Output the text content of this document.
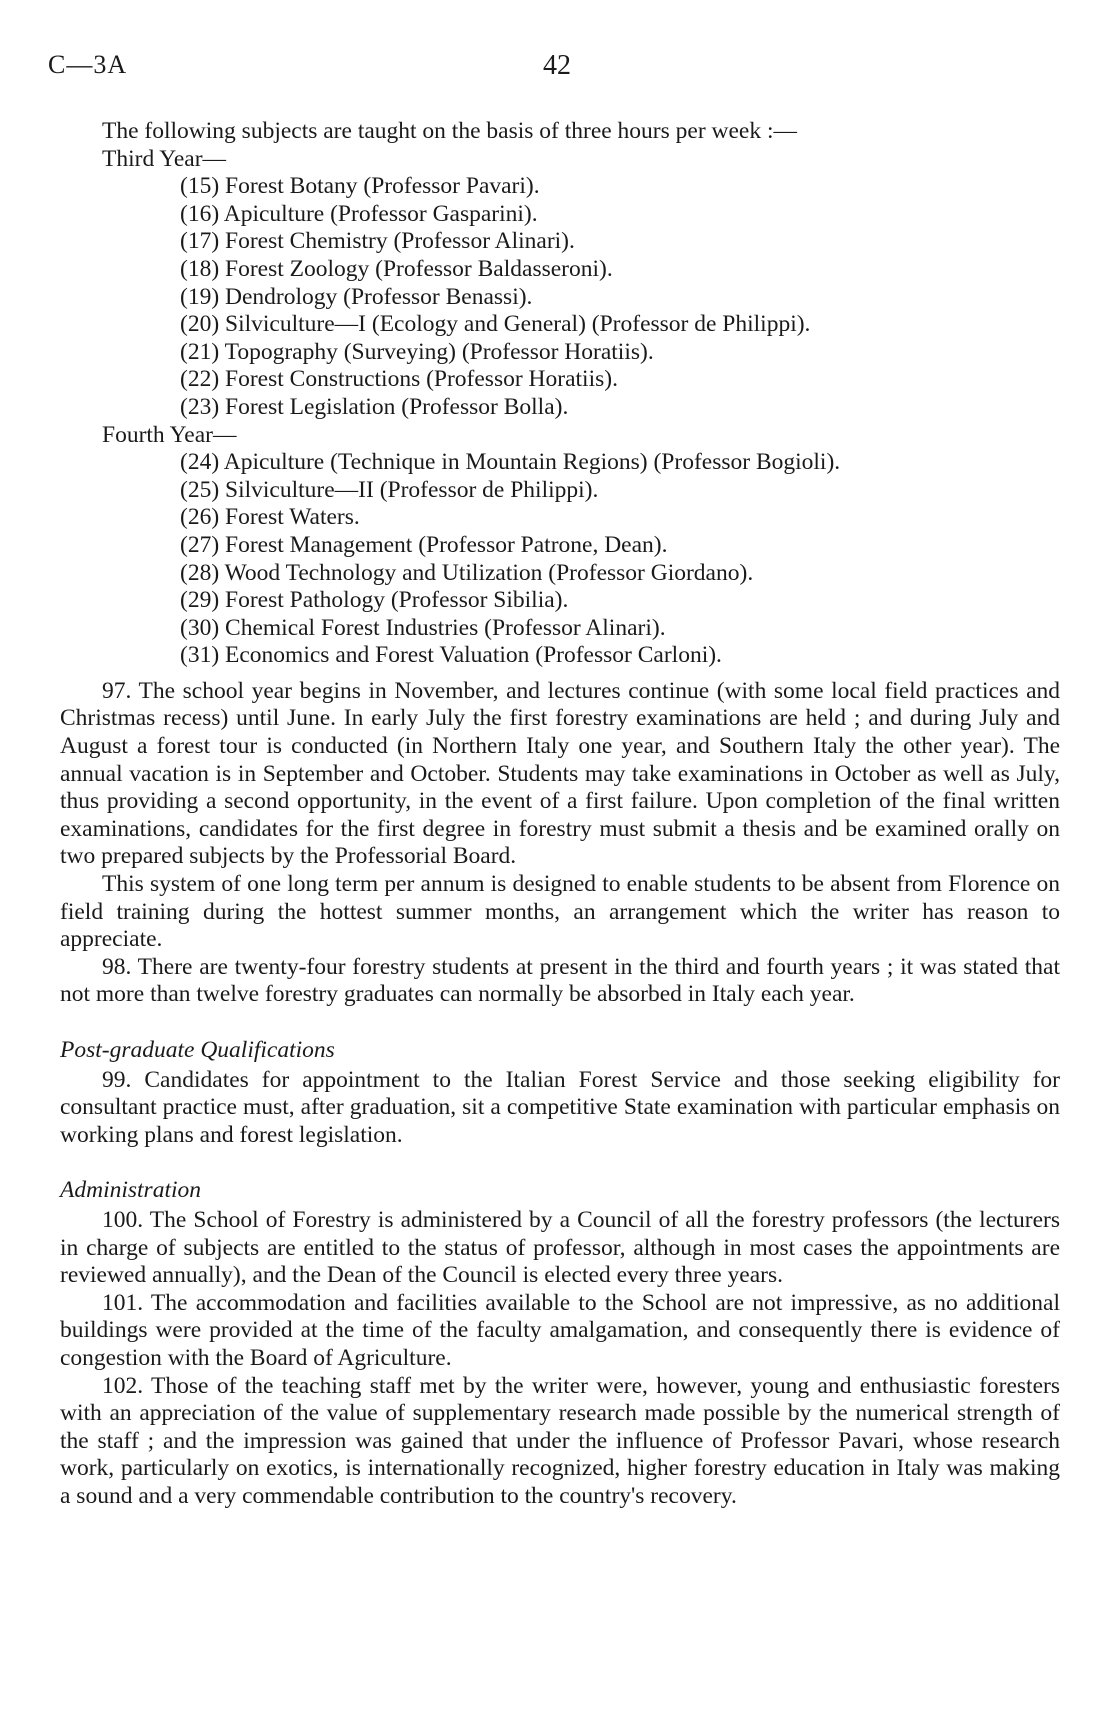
C—3A	42

The following subjects are taught on the basis of three hours per week :—

Third Year—
(15) Forest Botany (Professor Pavari).
(16) Apiculture (Professor Gasparini).
(17) Forest Chemistry (Professor Alinari).
(18) Forest Zoology (Professor Baldasseroni).
(19) Dendrology (Professor Benassi).
(20) Silviculture—I (Ecology and General) (Professor de Philippi).
(21) Topography (Surveying) (Professor Horatiis).
(22) Forest Constructions (Professor Horatiis).
(23) Forest Legislation (Professor Bolla).
Fourth Year—
(24) Apiculture (Technique in Mountain Regions) (Professor Bogioli).
(25) Silviculture—II (Professor de Philippi).
(26) Forest Waters.
(27) Forest Management (Professor Patrone, Dean).
(28) Wood Technology and Utilization (Professor Giordano).
(29) Forest Pathology (Professor Sibilia).
(30) Chemical Forest Industries (Professor Alinari).
(31) Economics and Forest Valuation (Professor Carloni).

97. The school year begins in November, and lectures continue (with some local field practices and Christmas recess) until June. In early July the first forestry examinations are held ; and during July and August a forest tour is conducted (in Northern Italy one year, and Southern Italy the other year). The annual vacation is in September and October. Students may take examinations in October as well as July, thus providing a second opportunity, in the event of a first failure. Upon completion of the final written examinations, candidates for the first degree in forestry must submit a thesis and be examined orally on two prepared subjects by the Professorial Board.

This system of one long term per annum is designed to enable students to be absent from Florence on field training during the hottest summer months, an arrangement which the writer has reason to appreciate.

98. There are twenty-four forestry students at present in the third and fourth years ; it was stated that not more than twelve forestry graduates can normally be absorbed in Italy each year.

Post-graduate Qualifications

99. Candidates for appointment to the Italian Forest Service and those seeking eligibility for consultant practice must, after graduation, sit a competitive State examination with particular emphasis on working plans and forest legislation.

Administration

100. The School of Forestry is administered by a Council of all the forestry professors (the lecturers in charge of subjects are entitled to the status of professor, although in most cases the appointments are reviewed annually), and the Dean of the Council is elected every three years.

101. The accommodation and facilities available to the School are not impressive, as no additional buildings were provided at the time of the faculty amalgamation, and consequently there is evidence of congestion with the Board of Agriculture.

102. Those of the teaching staff met by the writer were, however, young and enthusiastic foresters with an appreciation of the value of supplementary research made possible by the numerical strength of the staff ; and the impression was gained that under the influence of Professor Pavari, whose research work, particularly on exotics, is internationally recognized, higher forestry education in Italy was making a sound and a very commendable contribution to the country's recovery.
